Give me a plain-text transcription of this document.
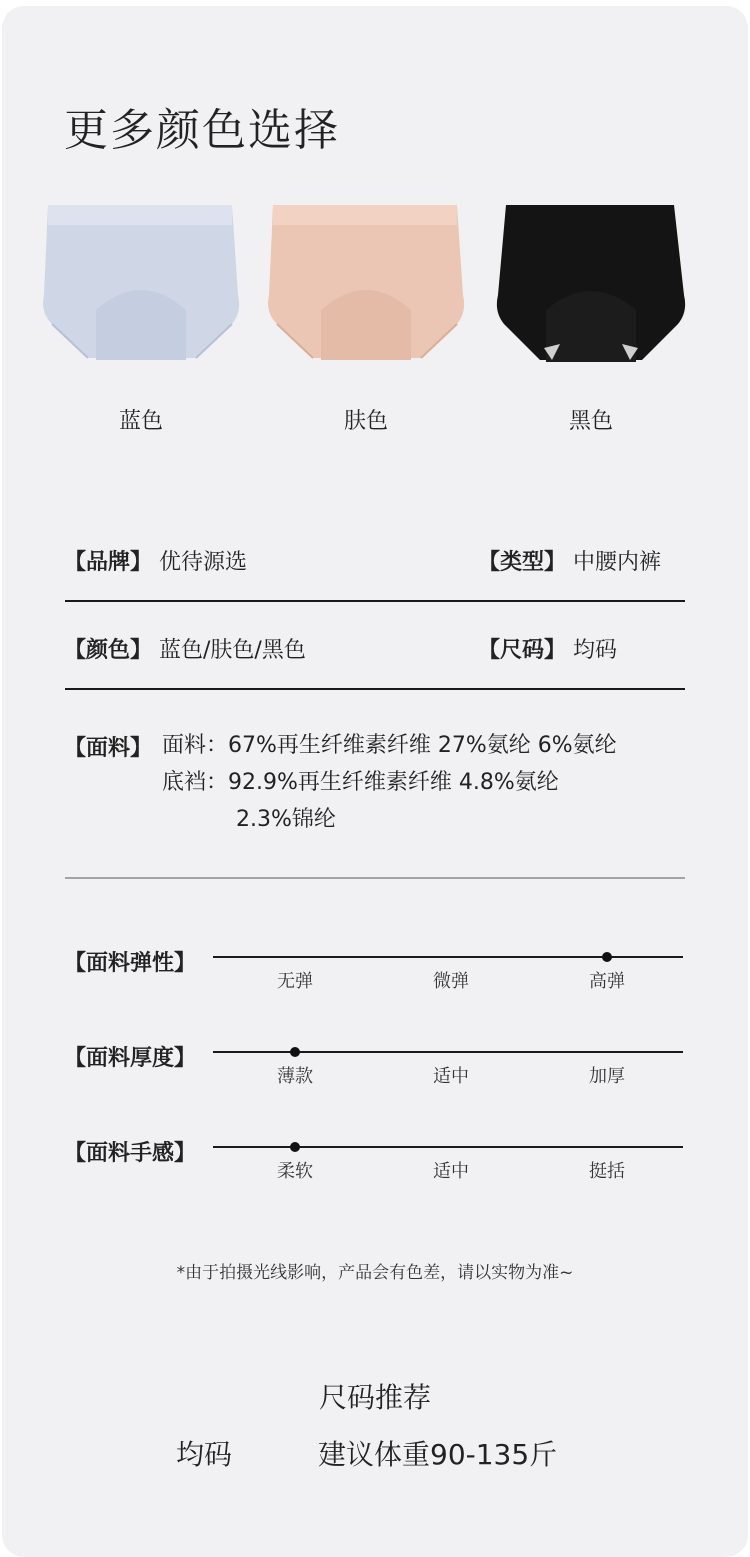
更多颜色选择
蓝色	肤色	黑色
【品牌】 优待源选	【类型】 中腰内裤
【颜色】 蓝色/肤色/黑色	【尺码】 均码
【面料】 面料：67%再生纤维素纤维 27%氨纶 6%氨纶
底裆：92.9%再生纤维素纤维 4.8%氨纶
2.3%锦纶
【面料弹性】
无弹	微弹	高弹
【面料厚度】
薄款	适中	加厚
【面料手感】
柔软	适中	挺括
*由于拍摄光线影响，产品会有色差，请以实物为准~
尺码推荐
均码	建议体重90-135斤
